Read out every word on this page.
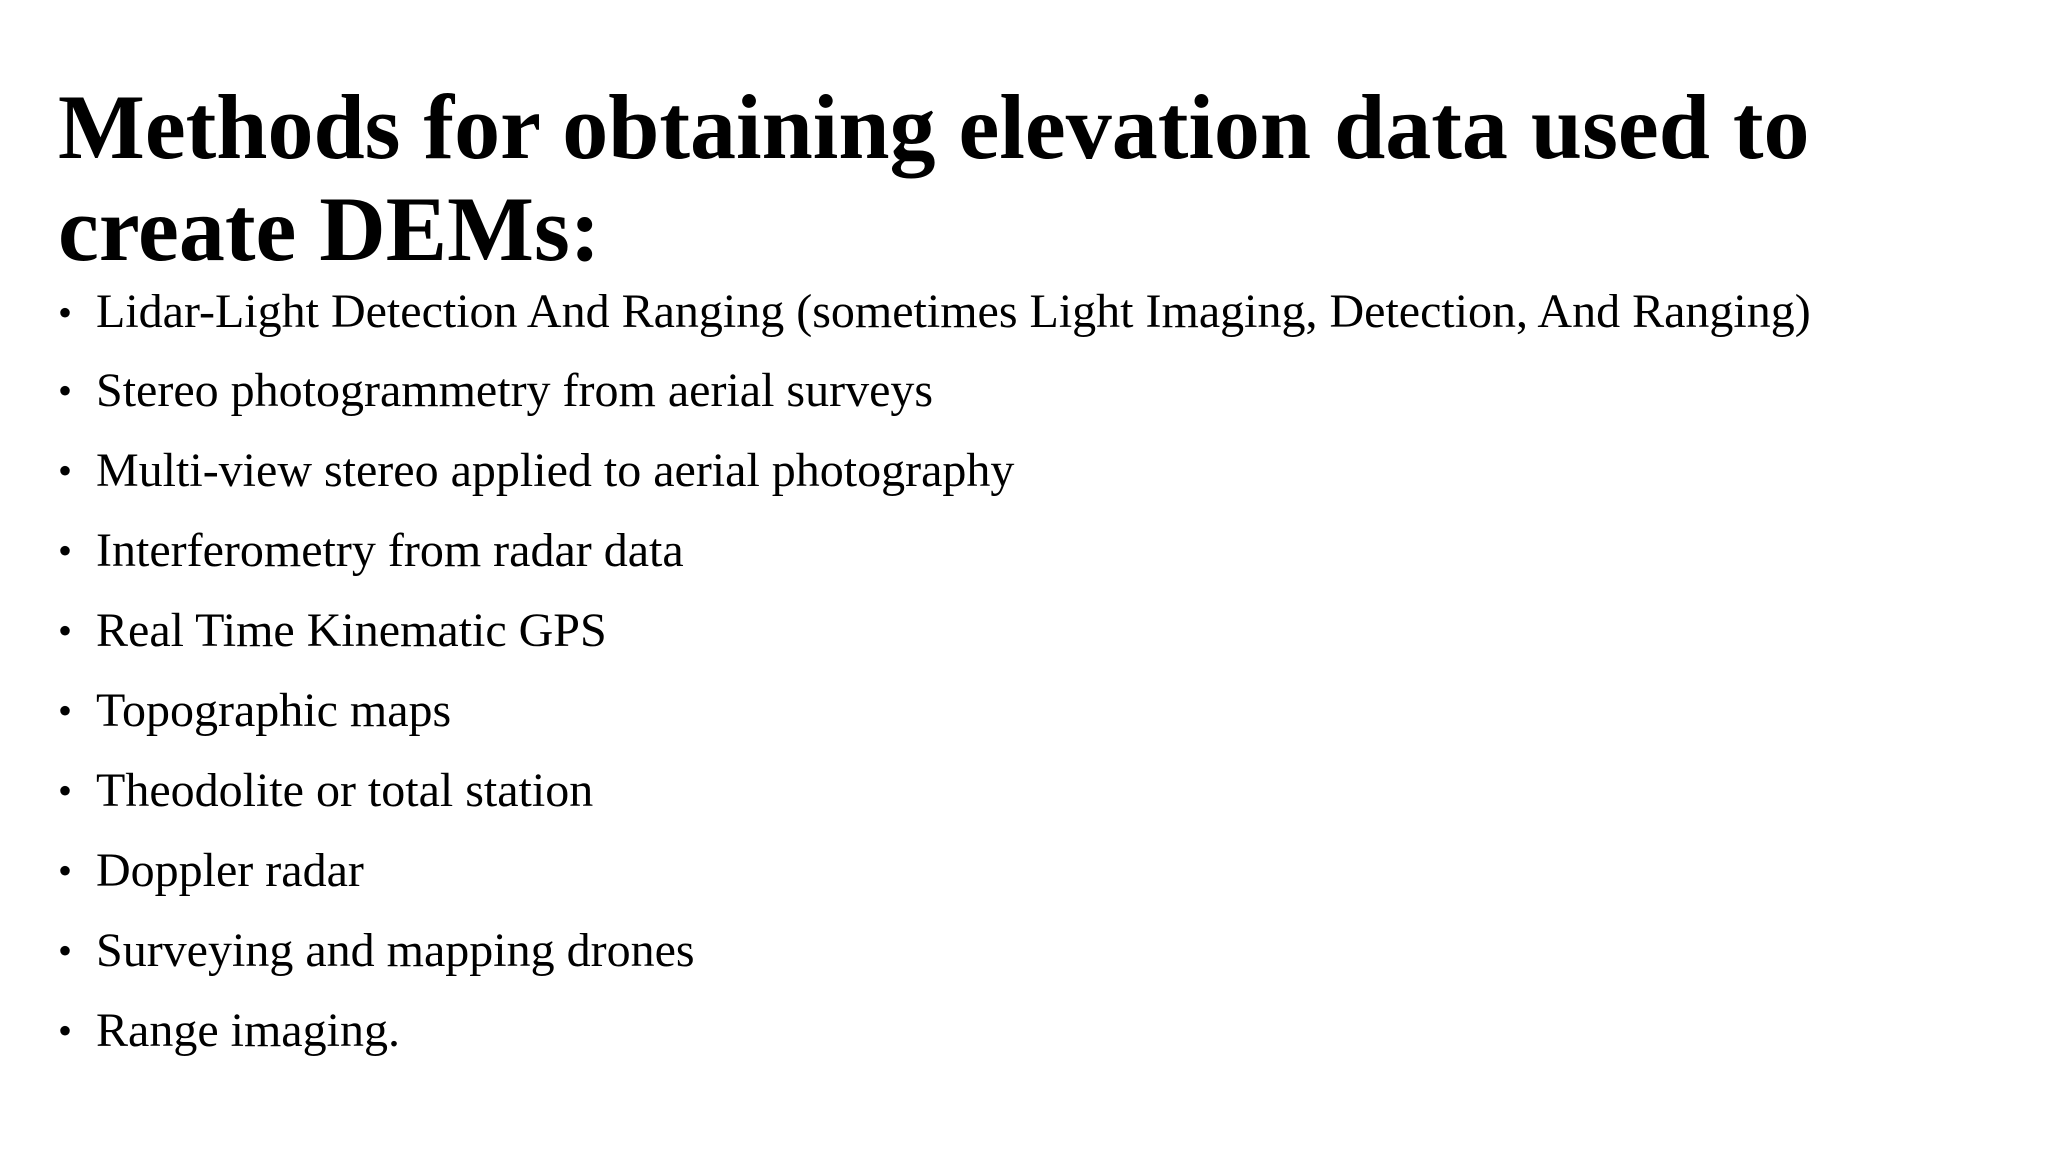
Methods for obtaining elevation data used to create DEMs:
• Lidar-Light Detection And Ranging (sometimes Light Imaging, Detection, And Ranging)
• Stereo photogrammetry from aerial surveys
• Multi-view stereo applied to aerial photography
• Interferometry from radar data
• Real Time Kinematic GPS
• Topographic maps
• Theodolite or total station
• Doppler radar
• Surveying and mapping drones
• Range imaging.
